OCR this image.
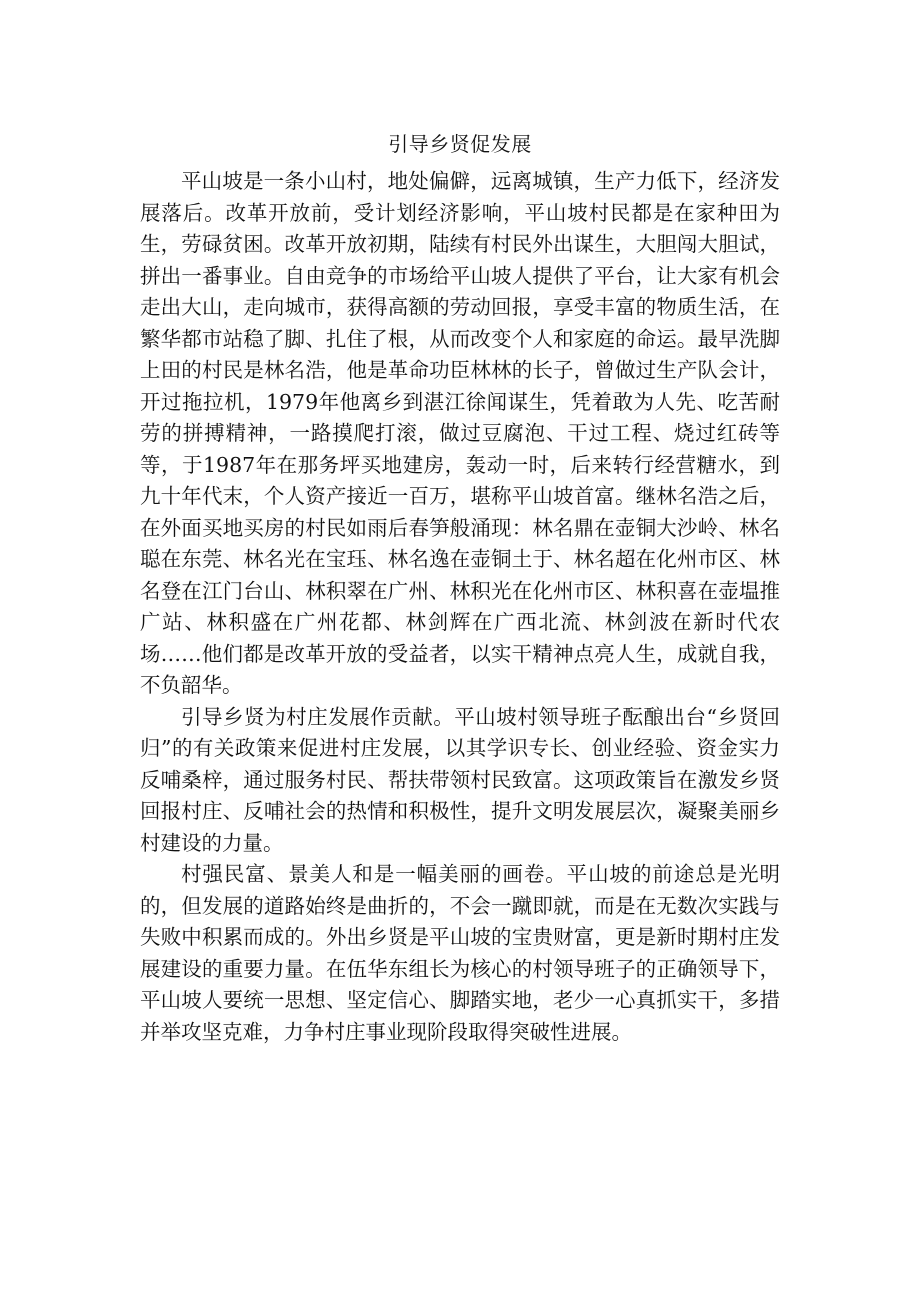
引导乡贤促发展

平山坡是一条小山村，地处偏僻，远离城镇，生产力低下，经济发展落后。改革开放前，受计划经济影响，平山坡村民都是在家种田为生，劳碌贫困。改革开放初期，陆续有村民外出谋生，大胆闯大胆试，拼出一番事业。自由竞争的市场给平山坡人提供了平台，让大家有机会走出大山，走向城市，获得高额的劳动回报，享受丰富的物质生活，在繁华都市站稳了脚、扎住了根，从而改变个人和家庭的命运。最早洗脚上田的村民是林名浩，他是革命功臣林林的长子，曾做过生产队会计，开过拖拉机，1979年他离乡到湛江徐闻谋生，凭着敢为人先、吃苦耐劳的拼搏精神，一路摸爬打滚，做过豆腐泡、干过工程、烧过红砖等等，于1987年在那务坪买地建房，轰动一时，后来转行经营糖水，到九十年代末，个人资产接近一百万，堪称平山坡首富。继林名浩之后，在外面买地买房的村民如雨后春笋般涌现：林名鼎在壶铜大沙岭、林名聪在东莞、林名光在宝珏、林名逸在壶铜土于、林名超在化州市区、林名登在江门台山、林积翠在广州、林积光在化州市区、林积喜在壶塭推广站、林积盛在广州花都、林剑辉在广西北流、林剑波在新时代农场……他们都是改革开放的受益者，以实干精神点亮人生，成就自我，不负韶华。

引导乡贤为村庄发展作贡献。平山坡村领导班子酝酿出台“乡贤回归”的有关政策来促进村庄发展，以其学识专长、创业经验、资金实力反哺桑梓，通过服务村民、帮扶带领村民致富。这项政策旨在激发乡贤回报村庄、反哺社会的热情和积极性，提升文明发展层次，凝聚美丽乡村建设的力量。

村强民富、景美人和是一幅美丽的画卷。平山坡的前途总是光明的，但发展的道路始终是曲折的，不会一蹴即就，而是在无数次实践与失败中积累而成的。外出乡贤是平山坡的宝贵财富，更是新时期村庄发展建设的重要力量。在伍华东组长为核心的村领导班子的正确领导下，平山坡人要统一思想、坚定信心、脚踏实地，老少一心真抓实干，多措并举攻坚克难，力争村庄事业现阶段取得突破性进展。
